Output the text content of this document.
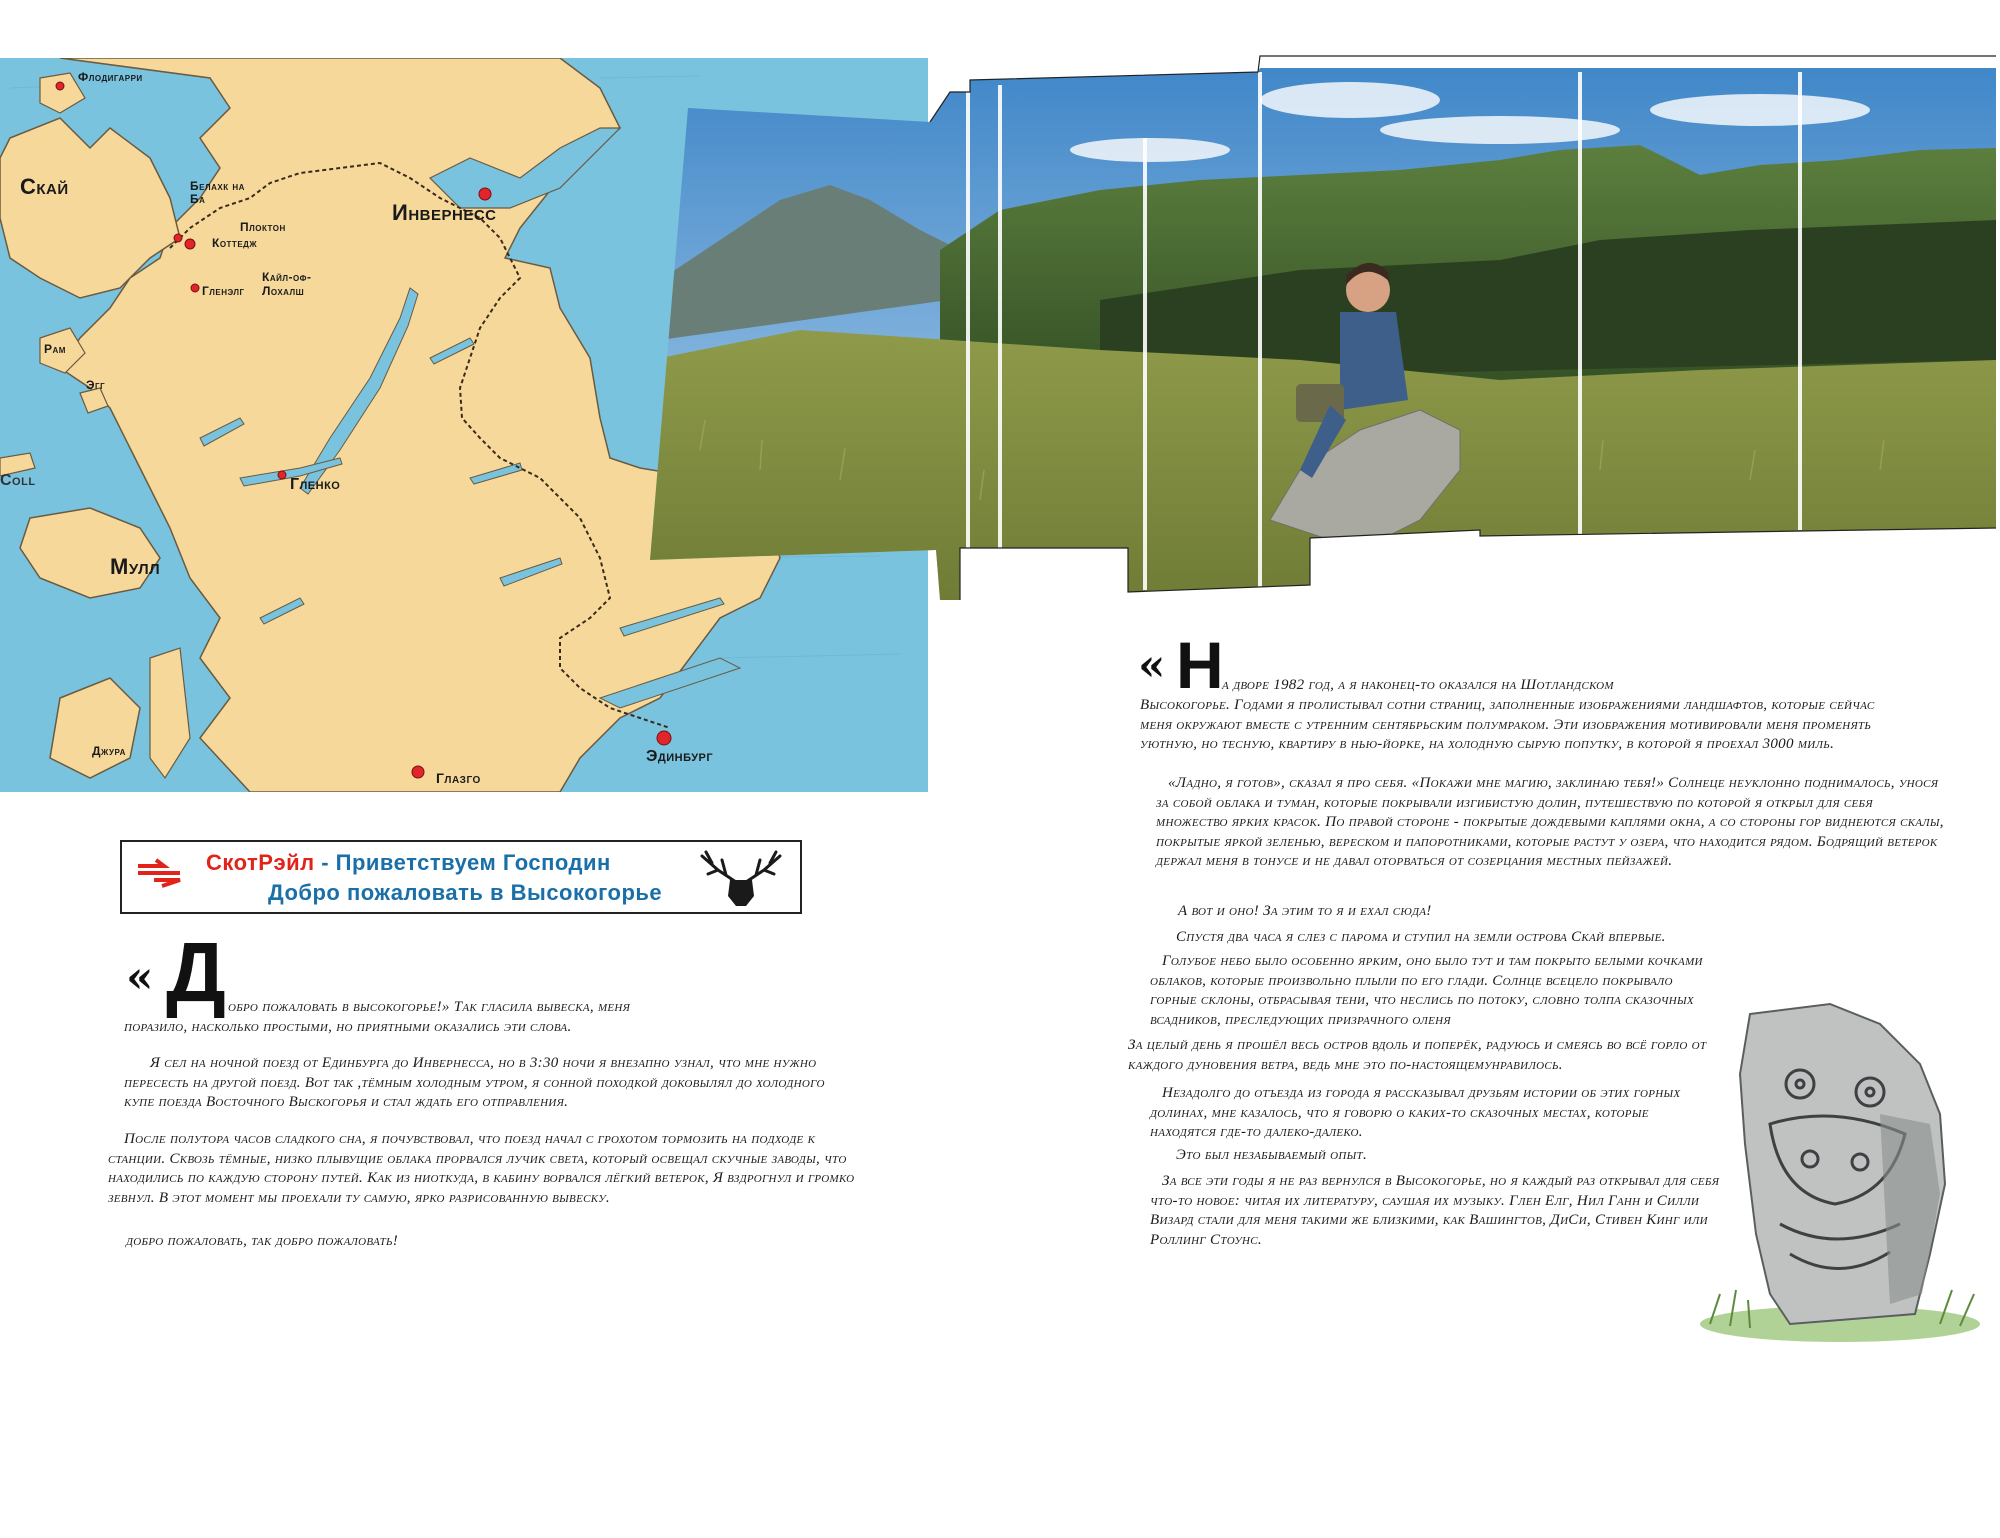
Флодигарри
Скай	Белахк на Ба
Плоктон
Коттедж
Кайл-оф-Лохалш
Гленэлг
Инвернесс
Рам
Эгг
Coll	Гленко
Мулл
Джура
Глазго
Эдинбург
СкотРэйл - Приветствуем Господин
Добро пожаловать в Высокогорье
« Д обро пожаловать в высокогорье!» Так гласила вывеска, меня
поразило, насколько простыми, но приятными оказались эти слова.
Я сел на ночной поезд от Единбурга до Инвернесса, но в 3:30 ночи я внезапно узнал, что мне нужно пересесть на другой поезд. Вот так ,тёмным холодным утром, я сонной походкой доковылял до холодного купе поезда Восточного Выскогорья и стал ждать его отправления.
После полутора часов сладкого сна, я почувствовал, что поезд начал с грохотом тормозить на подходе к станции. Сквозь тёмные, низко плывущие облака прорвался лучик света, который освещал скучные заводы, что находились по каждую сторону путей. Как из ниоткуда, в кабину ворвался лёгкий ветерок, Я вздрогнул и громко зевнул. В этот момент мы проехали ту самую, ярко разрисованную вывеску.
добро пожаловать, так добро пожаловать!
« Н
а дворе 1982 год, а я наконец-то оказался на Шотландском
Высокогорье. Годами я пролистывал сотни страниц, заполненные изображениями ландшафтов, которые сейчас меня окружают вместе с утренним сентябрьским полумраком. Эти изображения мотивировали меня променять уютную, но тесную, квартиру в нью-йорке, на холодную сырую попутку, в которой я проехал 3000 миль.
«Ладно, я готов», сказал я про себя. «Покажи мне магию, заклинаю тебя!» Солнеце неуклонно поднималось, унося за собой облака и туман, которые покрывали изгибистую долин, путешествую по которой я открыл для себя множество ярких красок. По правой стороне - покрытые дождевыми каплями окна, а со стороны гор виднеются скалы, покрытые яркой зеленью, вереском и папоротниками, которые растут у озера, что находится рядом. Бодрящий ветерок держал меня в тонусе и не давал оторваться от созерцания местных пейзажей.
А вот и оно! За этим то я и ехал сюда!
Спустя два часа я слез с парома и ступил на земли острова Скай впервые.
Голубое небо было особенно ярким, оно было тут и там покрыто белыми кочками облаков, которые произвольно плыли по его глади. Солнце всецело покрывало горные склоны, отбрасывая тени, что неслись по потоку, словно толпа сказочных всадников, преследующих призрачного оленя
За целый день я прошёл весь остров вдоль и поперёк, радуюсь и смеясь во всё горло от каждого дуновения ветра, ведь мне это по-настоящемунравилось.
Незадолго до отъезда из города я рассказывал друзьям истории об этих горных долинах, мне казалось, что я говорю о каких-то сказочных местах, которые находятся где-то далеко-далеко.
Это был незабываемый опыт.
За все эти годы я не раз вернулся в Высокогорье, но я каждый раз открывал для себя что-то новое: читая их литературу, саушая их музыку. Глен Елг, Нил Ганн и Силли Визард стали для меня такими же близкими, как Вашингтов, ДиСи, Стивен Кинг или Роллинг Стоунс.
